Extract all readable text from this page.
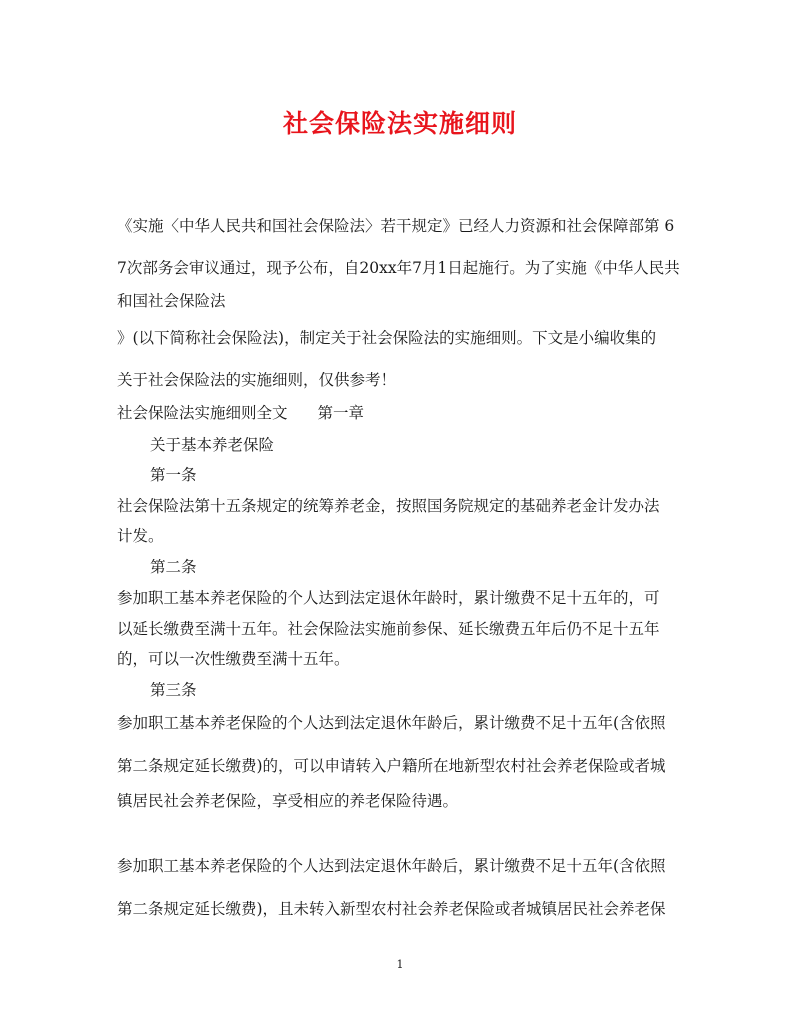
社会保险法实施细则
《实施〈中华人民共和国社会保险法〉若干规定》已经人力资源和社会保障部第 6
7次部务会审议通过，现予公布，自20xx年7月1日起施行。为了实施《中华人民共
和国社会保险法
》(以下简称社会保险法)，制定关于社会保险法的实施细则。下文是小编收集的
关于社会保险法的实施细则，仅供参考！
社会保险法实施细则全文 第一章
关于基本养老保险
第一条
社会保险法第十五条规定的统筹养老金，按照国务院规定的基础养老金计发办法
计发。
第二条
参加职工基本养老保险的个人达到法定退休年龄时，累计缴费不足十五年的，可
以延长缴费至满十五年。社会保险法实施前参保、延长缴费五年后仍不足十五年
的，可以一次性缴费至满十五年。
第三条
参加职工基本养老保险的个人达到法定退休年龄后，累计缴费不足十五年(含依照
第二条规定延长缴费)的，可以申请转入户籍所在地新型农村社会养老保险或者城
镇居民社会养老保险，享受相应的养老保险待遇。
参加职工基本养老保险的个人达到法定退休年龄后，累计缴费不足十五年(含依照
第二条规定延长缴费)，且未转入新型农村社会养老保险或者城镇居民社会养老保
1
